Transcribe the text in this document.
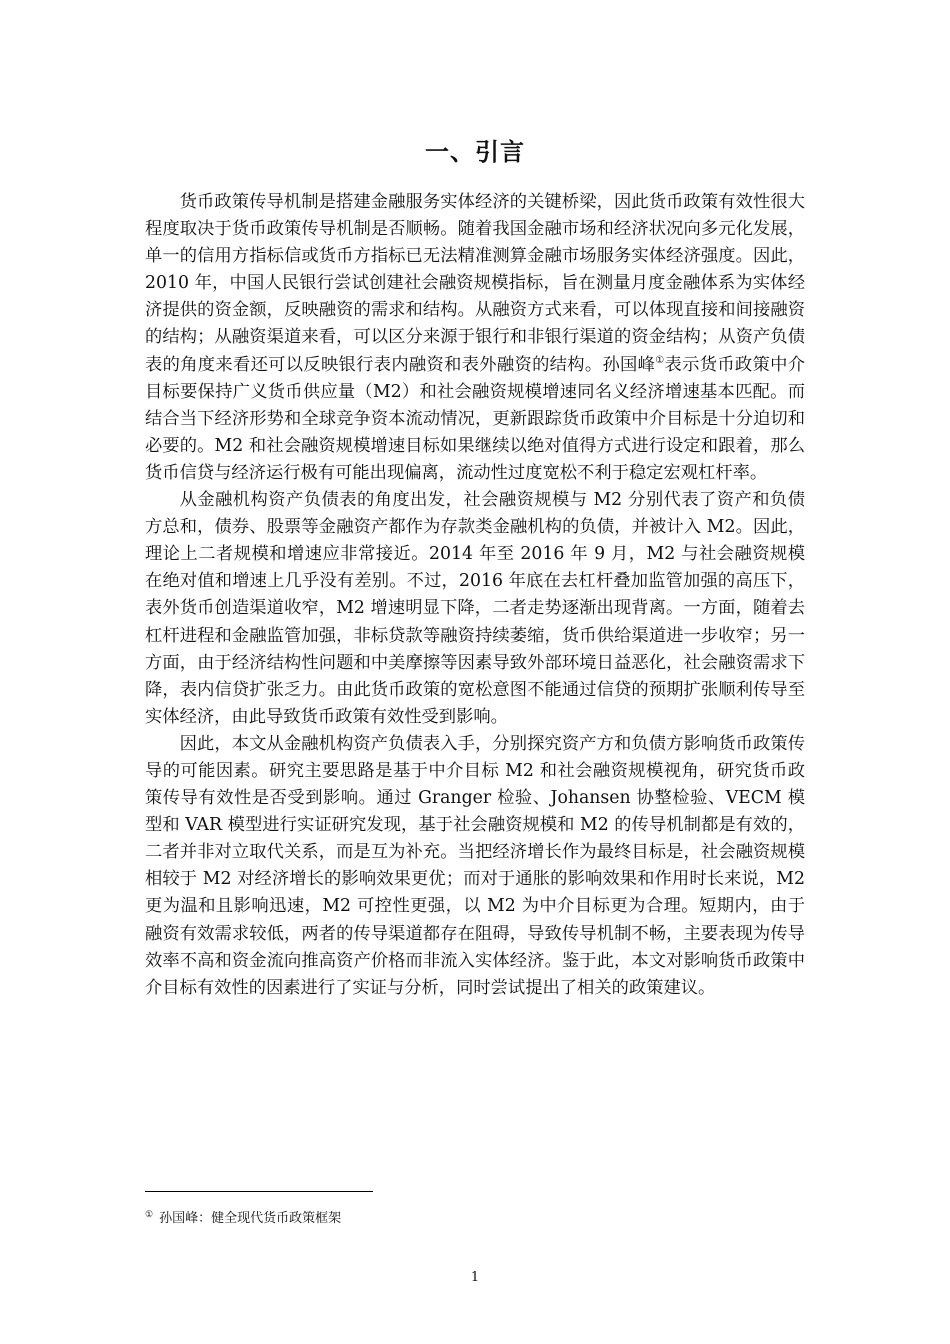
一、引言

货币政策传导机制是搭建金融服务实体经济的关键桥梁，因此货币政策有效性很大程度取决于货币政策传导机制是否顺畅。随着我国金融市场和经济状况向多元化发展，单一的信用方指标信或货币方指标已无法精准测算金融市场服务实体经济强度。因此，2010 年，中国人民银行尝试创建社会融资规模指标，旨在测量月度金融体系为实体经济提供的资金额，反映融资的需求和结构。从融资方式来看，可以体现直接和间接融资的结构；从融资渠道来看，可以区分来源于银行和非银行渠道的资金结构；从资产负债表的角度来看还可以反映银行表内融资和表外融资的结构。孙国峰①表示货币政策中介目标要保持广义货币供应量（M2）和社会融资规模增速同名义经济增速基本匹配。而结合当下经济形势和全球竞争资本流动情况，更新跟踪货币政策中介目标是十分迫切和必要的。M2 和社会融资规模增速目标如果继续以绝对值得方式进行设定和跟着，那么货币信贷与经济运行极有可能出现偏离，流动性过度宽松不利于稳定宏观杠杆率。

从金融机构资产负债表的角度出发，社会融资规模与 M2 分别代表了资产和负债方总和，债券、股票等金融资产都作为存款类金融机构的负债，并被计入 M2。因此，理论上二者规模和增速应非常接近。2014 年至 2016 年 9 月，M2 与社会融资规模在绝对值和增速上几乎没有差别。不过，2016 年底在去杠杆叠加监管加强的高压下，表外货币创造渠道收窄，M2 增速明显下降，二者走势逐渐出现背离。一方面，随着去杠杆进程和金融监管加强，非标贷款等融资持续萎缩，货币供给渠道进一步收窄；另一方面，由于经济结构性问题和中美摩擦等因素导致外部环境日益恶化，社会融资需求下降，表内信贷扩张乏力。由此货币政策的宽松意图不能通过信贷的预期扩张顺利传导至实体经济，由此导致货币政策有效性受到影响。

因此，本文从金融机构资产负债表入手，分别探究资产方和负债方影响货币政策传导的可能因素。研究主要思路是基于中介目标 M2 和社会融资规模视角，研究货币政策传导有效性是否受到影响。通过 Granger 检验、Johansen 协整检验、VECM 模型和 VAR 模型进行实证研究发现，基于社会融资规模和 M2 的传导机制都是有效的，二者并非对立取代关系，而是互为补充。当把经济增长作为最终目标是，社会融资规模相较于 M2 对经济增长的影响效果更优；而对于通胀的影响效果和作用时长来说，M2 更为温和且影响迅速，M2 可控性更强，以 M2 为中介目标更为合理。短期内，由于融资有效需求较低，两者的传导渠道都存在阻碍，导致传导机制不畅，主要表现为传导效率不高和资金流向推高资产价格而非流入实体经济。鉴于此，本文对影响货币政策中介目标有效性的因素进行了实证与分析，同时尝试提出了相关的政策建议。

① 孙国峰：健全现代货币政策框架

1
